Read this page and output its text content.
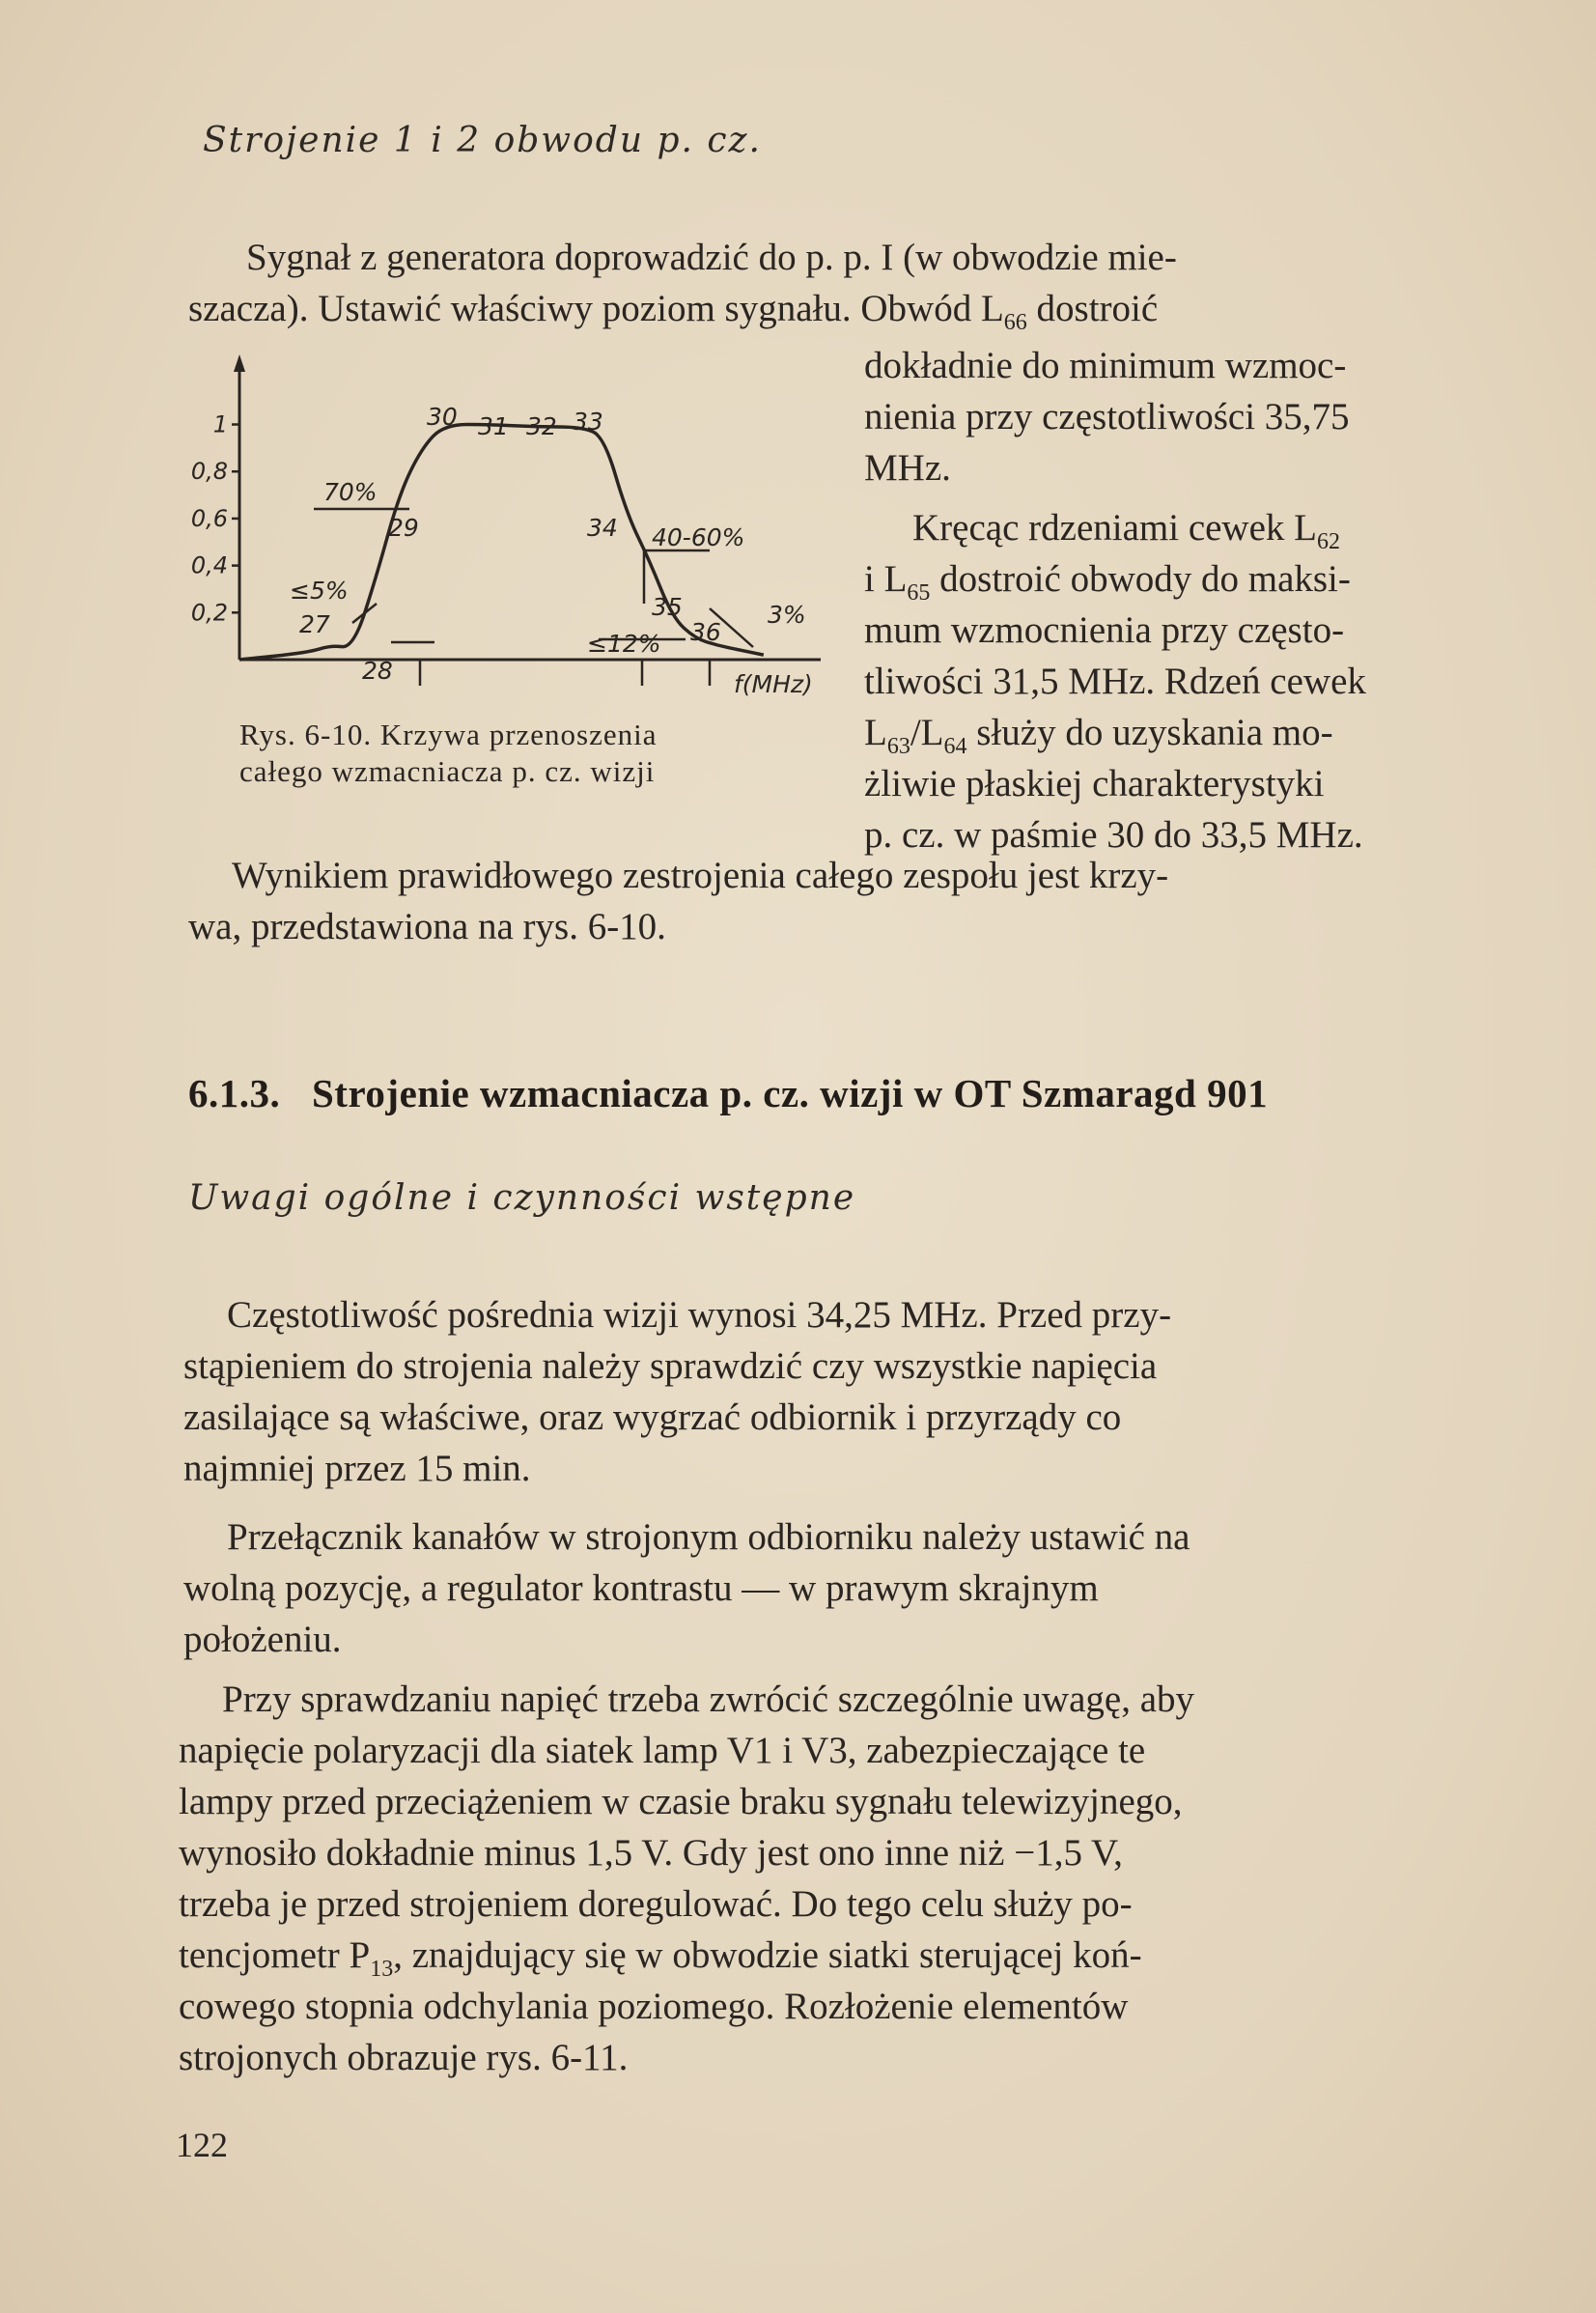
Strojenie 1 i 2 obwodu p. cz.
Sygnał z generatora doprowadzić do p. p. I (w obwodzie mie-
szacza). Ustawić właściwy poziom sygnału. Obwód $L_{66}$ dostroić
dokładnie do minimum wzmoc-
nienia przy częstotliwości 35,75
MHz.
Kręcąc rdzeniami cewek $L_{62}$
i $L_{65}$ dostroić obwody do maksi-
mum wzmocnienia przy często-
tliwości 31,5 MHz. Rdzeń cewek
$L_{63}/L_{64}$ służy do uzyskania mo-
żliwie płaskiej charakterystyki
p. cz. w paśmie 30 do 33,5 MHz.
1
0,8
0,6
0,4
0,2
30 31 32 33
29	34
35
36
27
28
70%
≤5%
40-60%
≤12%
3%
f(MHz)
Rys. 6-10. Krzywa przenoszenia
całego wzmacniacza p. cz. wizji
Wynikiem prawidłowego zestrojenia całego zespołu jest krzy-
wa, przedstawiona na rys. 6-10.
6.1.3. Strojenie wzmacniacza p. cz. wizji w OT Szmaragd 901
Uwagi ogólne i czynności wstępne
Częstotliwość pośrednia wizji wynosi 34,25 MHz. Przed przy-
stąpieniem do strojenia należy sprawdzić czy wszystkie napięcia
zasilające są właściwe, oraz wygrzać odbiornik i przyrządy co
najmniej przez 15 min.
Przełącznik kanałów w strojonym odbiorniku należy ustawić na
wolną pozycję, a regulator kontrastu — w prawym skrajnym
położeniu.
Przy sprawdzaniu napięć trzeba zwrócić szczególnie uwagę, aby
napięcie polaryzacji dla siatek lamp V1 i V3, zabezpieczające te
lampy przed przeciążeniem w czasie braku sygnału telewizyjnego,
wynosiło dokładnie minus 1,5 V. Gdy jest ono inne niż −1,5 V,
trzeba je przed strojeniem doregulować. Do tego celu służy po-
tencjometr $P_{13}$, znajdujący się w obwodzie siatki sterującej koń-
cowego stopnia odchylania poziomego. Rozłożenie elementów
strojonych obrazuje rys. 6-11.
122
